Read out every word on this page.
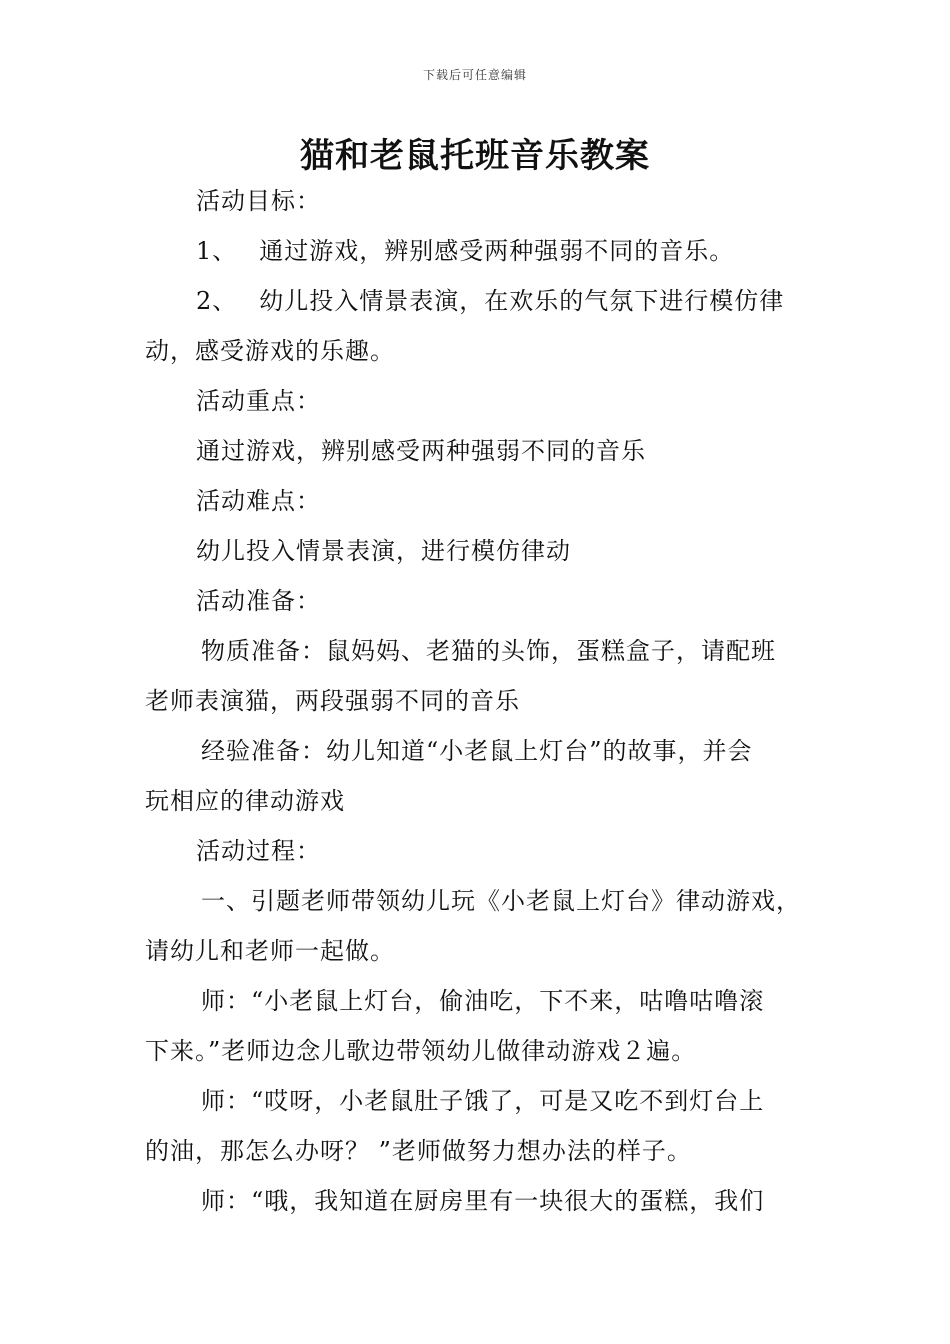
下载后可任意编辑
猫和老鼠托班音乐教案
活动目标：
1、 通过游戏，辨别感受两种强弱不同的音乐。
2、 幼儿投入情景表演，在欢乐的气氛下进行模仿律
动，感受游戏的乐趣。
活动重点：
通过游戏，辨别感受两种强弱不同的音乐
活动难点：
幼儿投入情景表演，进行模仿律动
活动准备：
物质准备：鼠妈妈、老猫的头饰，蛋糕盒子，请配班
老师表演猫，两段强弱不同的音乐
经验准备：幼儿知道“小老鼠上灯台”的故事，并会
玩相应的律动游戏
活动过程：
一、引题老师带领幼儿玩《小老鼠上灯台》律动游戏，
请幼儿和老师一起做。
师：“小老鼠上灯台，偷油吃，下不来，咕噜咕噜滚
下来。”老师边念儿歌边带领幼儿做律动游戏２遍。
师：“哎呀，小老鼠肚子饿了，可是又吃不到灯台上
的油，那怎么办呀？ ”老师做努力想办法的样子。
师：“哦，我知道在厨房里有一块很大的蛋糕，我们
